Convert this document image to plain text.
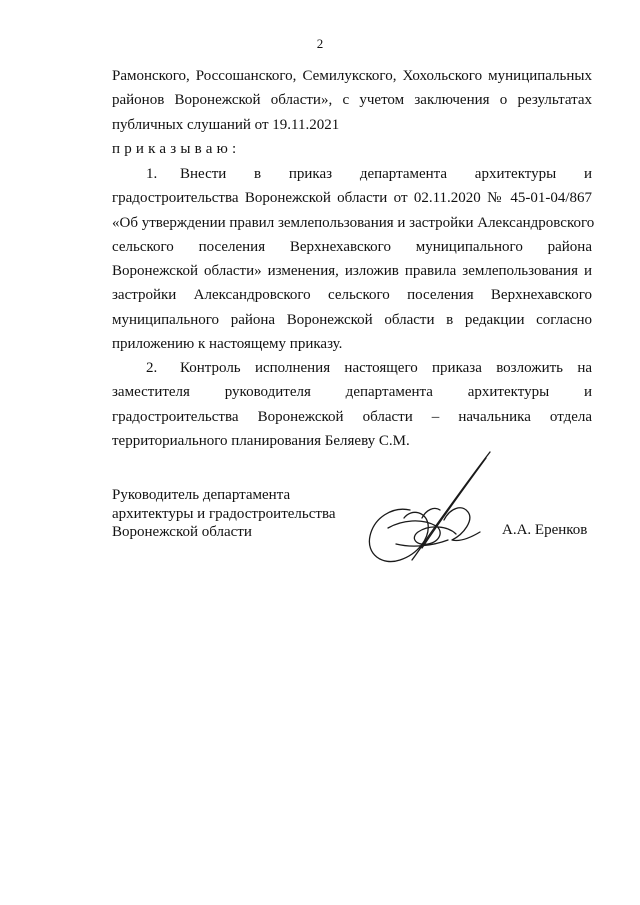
2
Рамонского, Россошанского, Семилукского, Хохольского муниципальных
районов Воронежской области», с учетом заключения о результатах
публичных слушаний от 19.11.2021
приказываю:
1. Внести в приказ департамента архитектуры и
градостроительства Воронежской области от 02.11.2020 № 45-01-04/867
«Об утверждении правил землепользования и застройки Александровского
сельского поселения Верхнехавского муниципального района
Воронежской области» изменения, изложив правила землепользования и
застройки Александровского сельского поселения Верхнехавского
муниципального района Воронежской области в редакции согласно
приложению к настоящему приказу.
2. Контроль исполнения настоящего приказа возложить на
заместителя руководителя департамента архитектуры и
градостроительства Воронежской области – начальника отдела
территориального планирования Беляеву С.М.
Руководитель департамента
архитектуры и градостроительства
Воронежской области	А.А. Еренков
